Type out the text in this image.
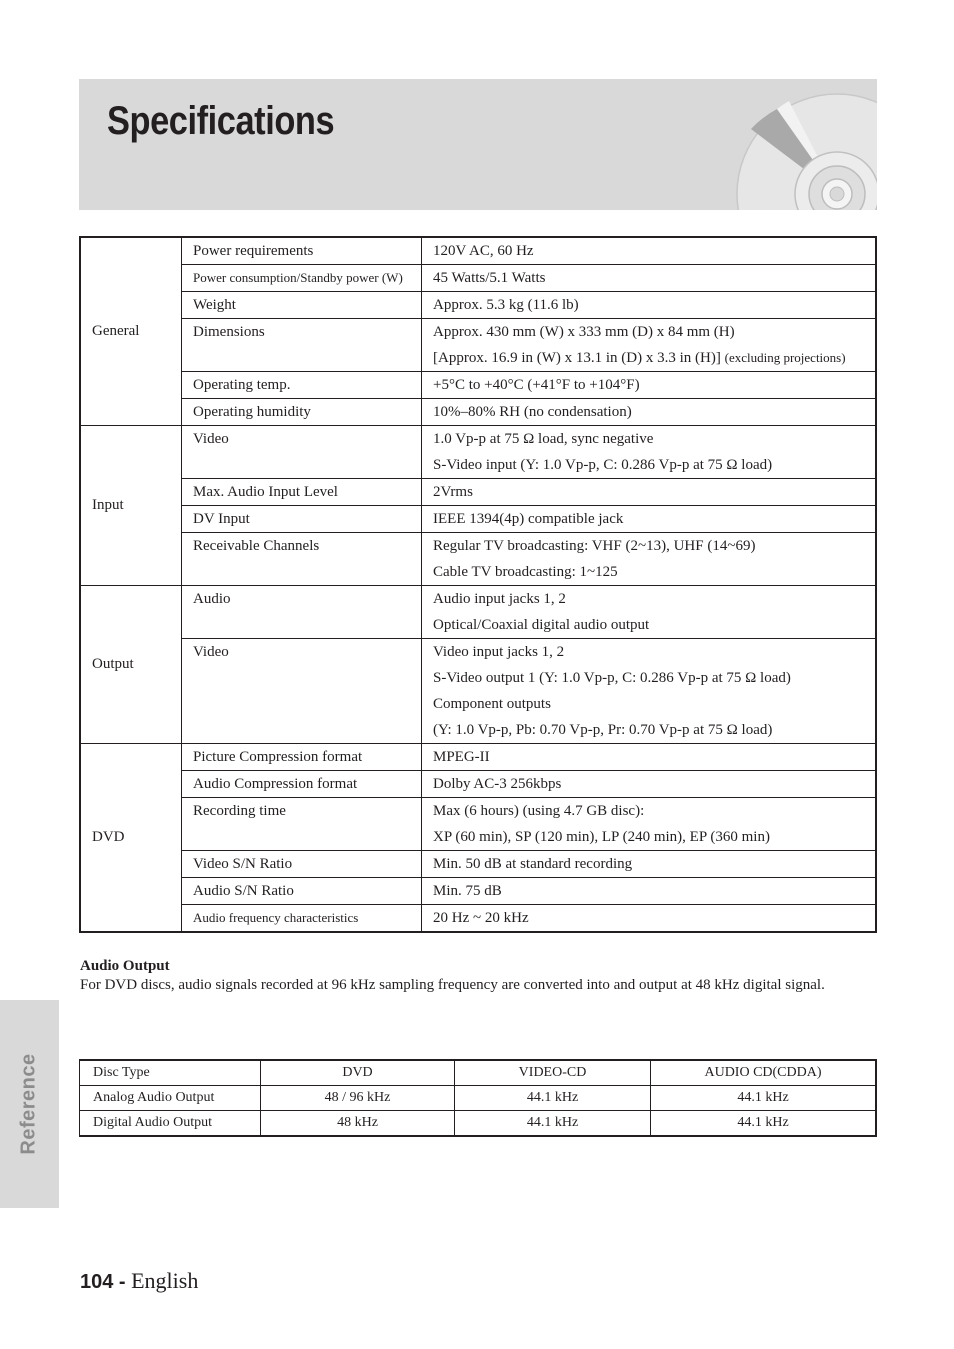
Specifications
Reference
General	Power requirements	120V AC, 60 Hz

	Power consumption/Standby power (W)	45 Watts/5.1 Watts

	Weight	Approx. 5.3 kg (11.6 lb)

	Dimensions	Approx. 430 mm (W) x 333 mm (D) x 84 mm (H)
[Approx. 16.9 in (W) x 13.1 in (D) x 3.3 in (H)] (excluding projections)

	Operating temp.	+5°C to +40°C (+41°F to +104°F)

	Operating humidity	10%–80% RH (no condensation)

Input	Video	1.0 Vp-p at 75 Ω load, sync negative
S-Video input (Y: 1.0 Vp-p, C: 0.286 Vp-p at 75 Ω load)

	Max. Audio Input Level	2Vrms

	DV Input	IEEE 1394(4p) compatible jack

	Receivable Channels	Regular TV broadcasting: VHF (2~13), UHF (14~69)
Cable TV broadcasting: 1~125

Output	Audio	Audio input jacks 1, 2
Optical/Coaxial digital audio output

	Video	Video input jacks 1, 2
S-Video output 1 (Y: 1.0 Vp-p, C: 0.286 Vp-p at 75 Ω load)
Component outputs
(Y: 1.0 Vp-p, Pb: 0.70 Vp-p, Pr: 0.70 Vp-p at 75 Ω load)

DVD	Picture Compression format	MPEG-II

	Audio Compression format	Dolby AC-3 256kbps

	Recording time	Max (6 hours) (using 4.7 GB disc):
XP (60 min), SP (120 min), LP (240 min), EP (360 min)

	Video S/N Ratio	Min. 50 dB at standard recording

	Audio S/N Ratio	Min. 75 dB

	Audio frequency characteristics	20 Hz ~ 20 kHz
Audio Output
For DVD discs, audio signals recorded at 96 kHz sampling frequency are converted into and output at 48 kHz digital signal.
Disc Type	DVD	VIDEO-CD	AUDIO CD(CDDA)
Analog Audio Output	48 / 96 kHz	44.1 kHz	44.1 kHz
Digital Audio Output	48 kHz	44.1 kHz	44.1 kHz
104 - English
